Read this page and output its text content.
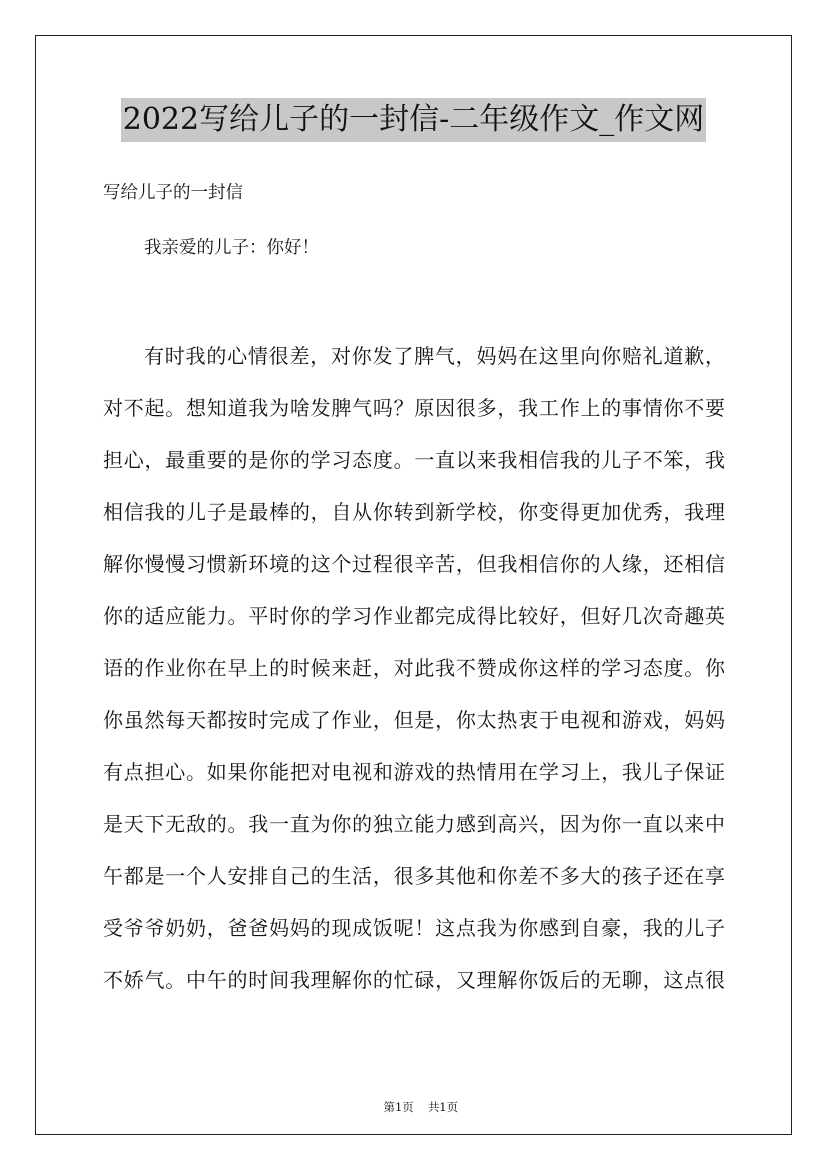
2022写给儿子的一封信-二年级作文_作文网
写给儿子的一封信
我亲爱的儿子：你好！
有时我的心情很差，对你发了脾气，妈妈在这里向你赔礼道歉，
对不起。想知道我为啥发脾气吗？原因很多，我工作上的事情你不要
担心，最重要的是你的学习态度。一直以来我相信我的儿子不笨，我
相信我的儿子是最棒的，自从你转到新学校，你变得更加优秀，我理
解你慢慢习惯新环境的这个过程很辛苦，但我相信你的人缘，还相信
你的适应能力。平时你的学习作业都完成得比较好，但好几次奇趣英
语的作业你在早上的时候来赶，对此我不赞成你这样的学习态度。你
你虽然每天都按时完成了作业，但是，你太热衷于电视和游戏，妈妈
有点担心。如果你能把对电视和游戏的热情用在学习上，我儿子保证
是天下无敌的。我一直为你的独立能力感到高兴，因为你一直以来中
午都是一个人安排自己的生活，很多其他和你差不多大的孩子还在享
受爷爷奶奶，爸爸妈妈的现成饭呢！这点我为你感到自豪，我的儿子
不娇气。中午的时间我理解你的忙碌，又理解你饭后的无聊，这点很

第1页 共1页
